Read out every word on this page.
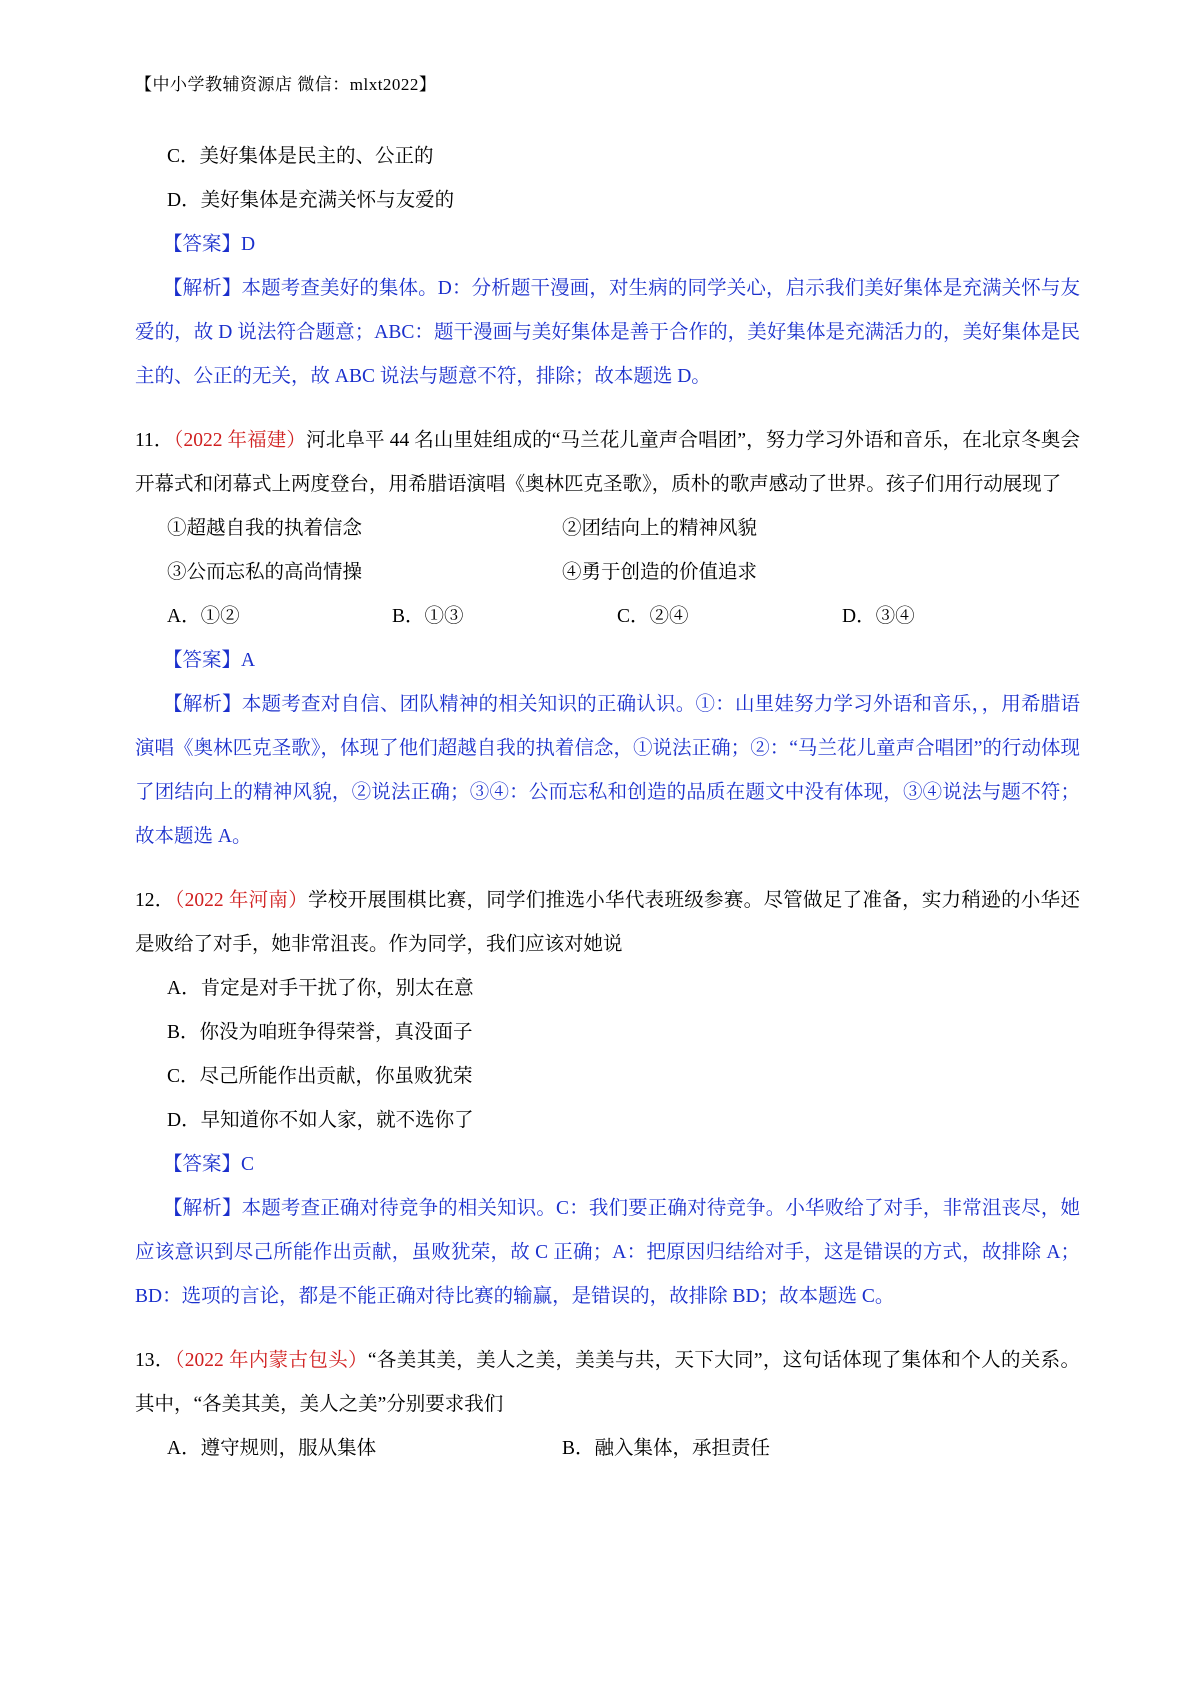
【中小学教辅资源店 微信：mlxt2022】
C．美好集体是民主的、公正的
D．美好集体是充满关怀与友爱的
【答案】D
【解析】本题考查美好的集体。D：分析题干漫画，对生病的同学关心，启示我们美好集体是充满关怀与友爱的，故 D 说法符合题意；ABC：题干漫画与美好集体是善于合作的，美好集体是充满活力的，美好集体是民主的、公正的无关，故 ABC 说法与题意不符，排除；故本题选 D。
11．（2022 年福建）河北阜平 44 名山里娃组成的“马兰花儿童声合唱团”，努力学习外语和音乐，在北京冬奥会开幕式和闭幕式上两度登台，用希腊语演唱《奥林匹克圣歌》，质朴的歌声感动了世界。孩子们用行动展现了
①超越自我的执着信念	②团结向上的精神风貌
③公而忘私的高尚情操	④勇于创造的价值追求
A．①②	B．①③	C．②④	D．③④
【答案】A
【解析】本题考查对自信、团队精神的相关知识的正确认识。①：山里娃努力学习外语和音乐，，用希腊语演唱《奥林匹克圣歌》，体现了他们超越自我的执着信念，①说法正确；②：“马兰花儿童声合唱团”的行动体现了团结向上的精神风貌，②说法正确；③④：公而忘私和创造的品质在题文中没有体现，③④说法与题不符；故本题选 A。
12．（2022 年河南）学校开展围棋比赛，同学们推选小华代表班级参赛。尽管做足了准备，实力稍逊的小华还是败给了对手，她非常沮丧。作为同学，我们应该对她说
A．肯定是对手干扰了你，别太在意
B．你没为咱班争得荣誉，真没面子
C．尽己所能作出贡献，你虽败犹荣
D．早知道你不如人家，就不选你了
【答案】C
【解析】本题考查正确对待竞争的相关知识。C：我们要正确对待竞争。小华败给了对手，非常沮丧尽，她应该意识到尽己所能作出贡献，虽败犹荣，故 C 正确；A：把原因归结给对手，这是错误的方式，故排除 A；BD：选项的言论，都是不能正确对待比赛的输赢，是错误的，故排除 BD；故本题选 C。
13．（2022 年内蒙古包头）“各美其美，美人之美，美美与共，天下大同”，这句话体现了集体和个人的关系。其中，“各美其美，美人之美”分别要求我们
A．遵守规则，服从集体	B．融入集体，承担责任
